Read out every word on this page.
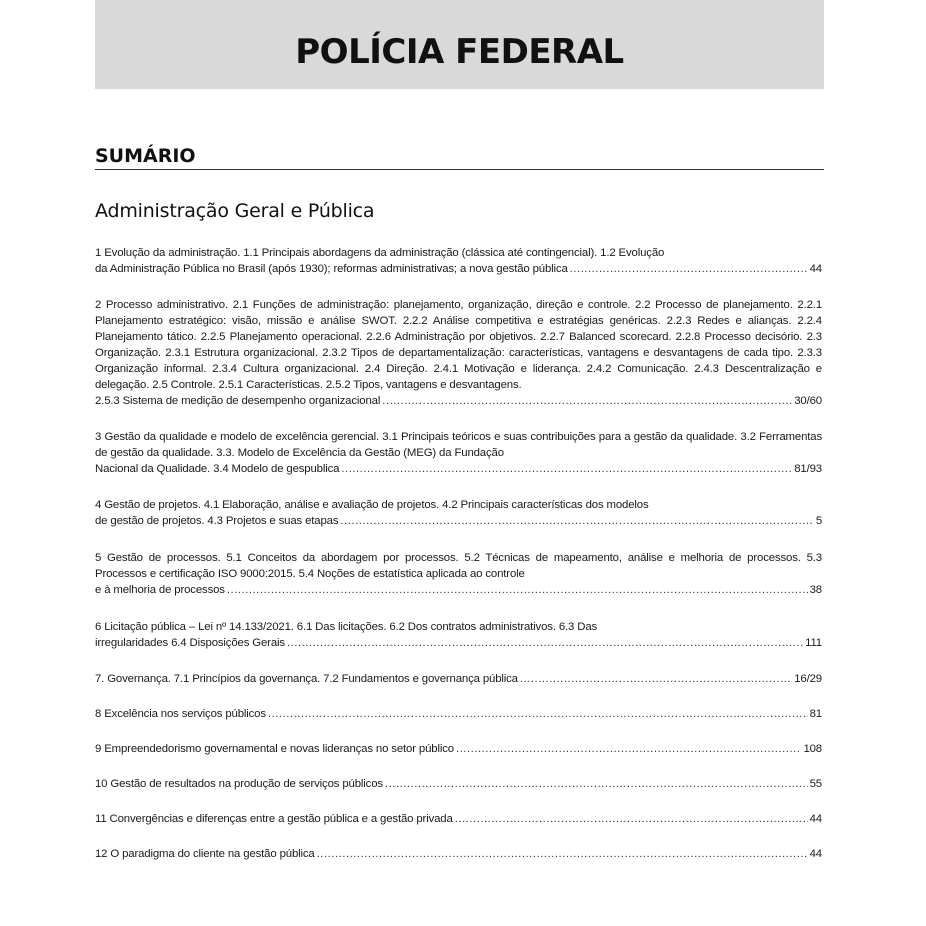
POLÍCIA FEDERAL
SUMÁRIO
Administração Geral e Pública

1 Evolução da administração. 1.1 Principais abordagens da administração (clássica até contingencial). 1.2 Evolução
da Administração Pública no Brasil (após 1930); reformas administrativas; a nova gestão pública .....	44

2 Processo administrativo. 2.1 Funções de administração: planejamento, organização, direção e controle. 2.2 Processo de planejamento. 2.2.1 Planejamento estratégico: visão, missão e análise SWOT. 2.2.2 Análise competitiva e estratégias genéricas. 2.2.3 Redes e alianças. 2.2.4 Planejamento tático. 2.2.5 Planejamento operacional. 2.2.6 Administração por objetivos. 2.2.7 Balanced scorecard. 2.2.8 Processo decisório. 2.3 Organização. 2.3.1 Estrutura organizacional. 2.3.2 Tipos de departamentalização: características, vantagens e desvantagens de cada tipo. 2.3.3 Organização informal. 2.3.4 Cultura organizacional. 2.4 Direção. 2.4.1 Motivação e liderança. 2.4.2 Comunicação. 2.4.3 Descentralização e delegação. 2.5 Controle. 2.5.1 Características. 2.5.2 Tipos, vantagens e desvantagens.
2.5.3 Sistema de medição de desempenho organizacional .....	30/60

3 Gestão da qualidade e modelo de excelência gerencial. 3.1 Principais teóricos e suas contribuições para a gestão da qualidade. 3.2 Ferramentas de gestão da qualidade. 3.3. Modelo de Excelência da Gestão (MEG) da Fundação
Nacional da Qualidade. 3.4 Modelo de gespublica .....	81/93

4 Gestão de projetos. 4.1 Elaboração, análise e avaliação de projetos. 4.2 Principais características dos modelos
de gestão de projetos. 4.3 Projetos e suas etapas .....	5

5 Gestão de processos. 5.1 Conceitos da abordagem por processos. 5.2 Técnicas de mapeamento, análise e melhoria de processos. 5.3 Processos e certificação ISO 9000:2015. 5.4 Noções de estatística aplicada ao controle
e à melhoria de processos .....	38

6 Licitação pública – Lei nº 14.133/2021. 6.1 Das licitações. 6.2 Dos contratos administrativos. 6.3 Das
irregularidades 6.4 Disposições Gerais .....	111

7. Governança. 7.1 Princípios da governança. 7.2 Fundamentos e governança pública .....	16/29

8 Excelência nos serviços públicos .....	81

9 Empreendedorismo governamental e novas lideranças no setor público .....	108

10 Gestão de resultados na produção de serviços públicos .....	55

11 Convergências e diferenças entre a gestão pública e a gestão privada .....	44

12 O paradigma do cliente na gestão pública .....	44
